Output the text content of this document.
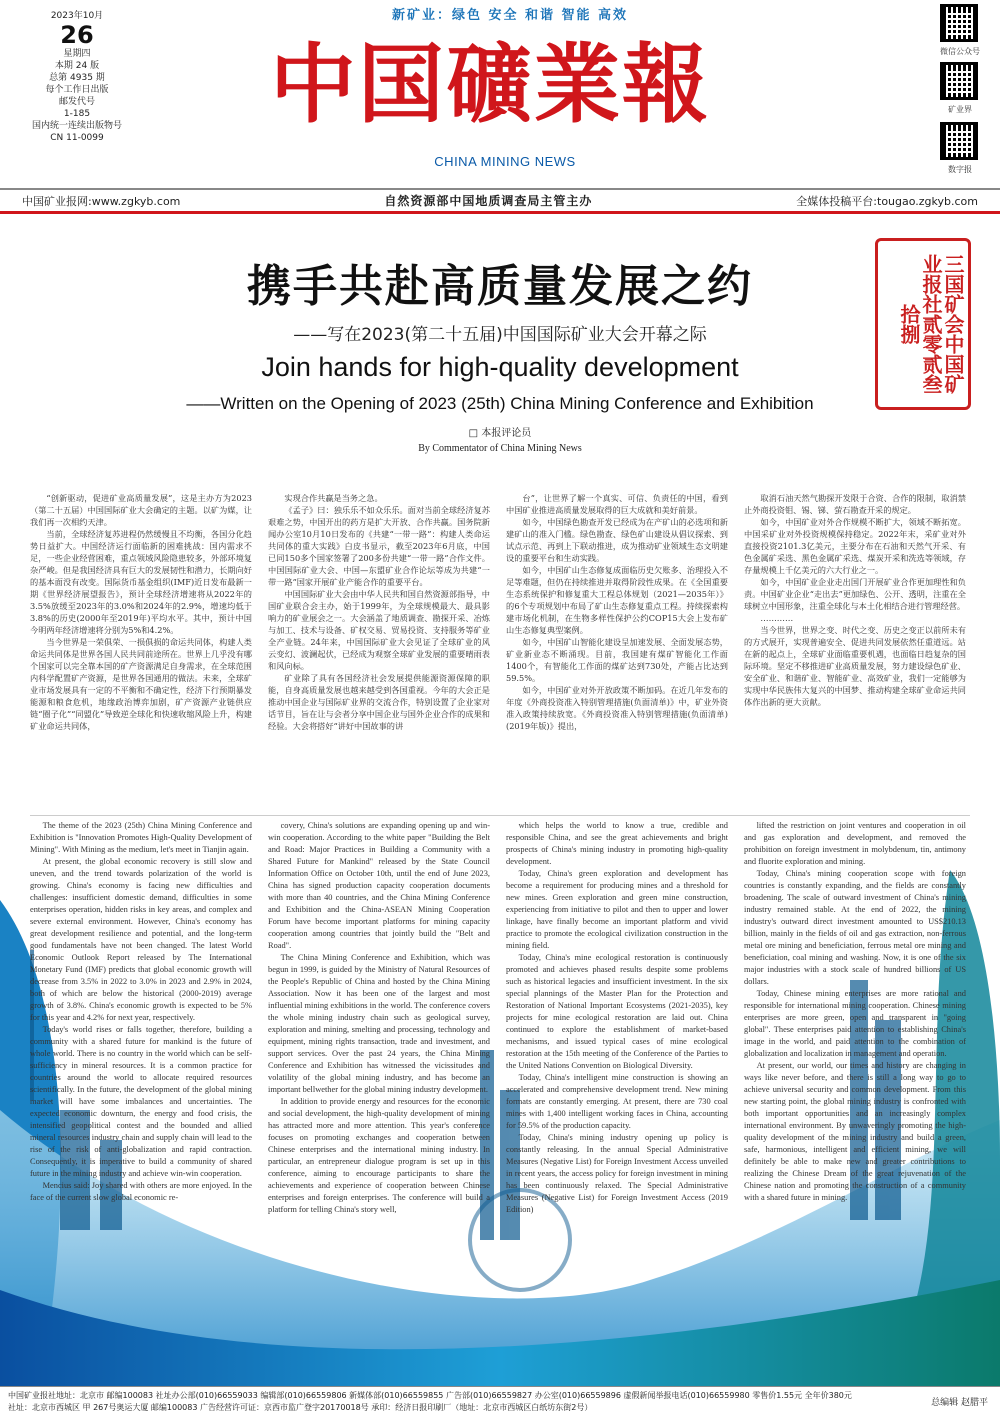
2023年10月
26
星期四
本期 24 版
总第 4935 期
每个工作日出版
邮发代号
1-185
国内统一连续出版物号
CN 11-0099
新矿业：绿色 安全 和谐 智能 高效
中国礦業報
CHINA MINING NEWS
微信公众号
矿业界
数字报
中国矿业报网:www.zgkyb.com	自然资源部中国地质调查局主管主办	全媒体投稿平台:tougao.zgkyb.com
携手共赴高质量发展之约
——写在2023(第二十五届)中国国际矿业大会开幕之际
Join hands for high-quality development
——Written on the Opening of 2023 (25th) China Mining Conference and Exhibition
□ 本报评论员
By Commentator of China Mining News
三国矿会中国矿业报社贰零贰叁拾捌

“创新驱动，促进矿业高质量发展”，这是主办方为2023（第二十五届）中国国际矿业大会确定的主题。以矿为媒，让我们再一次相约天津。

当前，全球经济复苏进程仍然缓慢且不均衡，各国分化趋势日益扩大。中国经济运行面临新的困难挑战：国内需求不足，一些企业经营困难，重点领域风险隐患较多，外部环境复杂严峻。但是我国经济具有巨大的发展韧性和潜力，长期向好的基本面没有改变。国际货币基金组织(IMF)近日发布最新一期《世界经济展望报告》，预计全球经济增速将从2022年的3.5%放缓至2023年的3.0%和2024年的2.9%，增速均低于3.8%的历史(2000年至2019年)平均水平。其中，预计中国今明两年经济增速将分别为5%和4.2%。

当今世界是一荣俱荣、一损俱损的命运共同体，构建人类命运共同体是世界各国人民共同前途所在。世界上几乎没有哪个国家可以完全靠本国的矿产资源满足自身需求，在全球范围内科学配置矿产资源，是世界各国通用的做法。未来，全球矿业市场发展具有一定的不平衡和不确定性，经济下行预期暴发能源和粮食危机，地缘政治博弈加剧，矿产资源产业链供应链“圈子化”“同盟化”导致逆全球化和快速收缩风险上升，构建矿业命运共同体，

实现合作共赢是当务之急。

《孟子》曰：独乐乐不如众乐乐。面对当前全球经济复苏艰难之势，中国开出的药方是扩大开放、合作共赢。国务院新闻办公室10月10日发布的《共建“一带一路”：构建人类命运共同体的重大实践》白皮书显示，截至2023年6月底，中国已同150多个国家签署了200多份共建“一带一路”合作文件。中国国际矿业大会、中国—东盟矿业合作论坛等成为共建“一带一路”国家开展矿业产能合作的重要平台。

中国国际矿业大会由中华人民共和国自然资源部指导，中国矿业联合会主办，始于1999年，为全球规模最大、最具影响力的矿业展会之一。大会涵盖了地质调查、勘探开采、冶炼与加工、技术与设备、矿权交易、贸易投资、支持服务等矿业全产业链。24年来，中国国际矿业大会见证了全球矿业的风云变幻、波澜起伏，已经成为观察全球矿业发展的重要晴雨表和风向标。

矿业除了具有各国经济社会发展提供能源资源保障的职能，自身高质量发展也越来越受到各国重视。今年的大会正是推动中国企业与国际矿业界的交流合作，特别设置了企业家对话节目，旨在让与会者分享中国企业与国外企业合作的成果和经验。大会将搭好“讲好中国故事的讲

台”，让世界了解一个真实、可信、负责任的中国，看到中国矿业推进高质量发展取得的巨大成就和美好前景。

如今，中国绿色勘查开发已经成为在产矿山的必选项和新建矿山的准入门槛。绿色勘查、绿色矿山建设从倡议探索、到试点示范、再到上下联动推进，成为推动矿业领域生态文明建设的重要平台和生动实践。

如今，中国矿山生态修复成面临历史欠账多、治理投入不足等难题，但仍在持续推进并取得阶段性成果。在《全国重要生态系统保护和修复重大工程总体规划（2021—2035年）》的6个专项规划中布局了矿山生态修复重点工程。持续探索构建市场化机制，在生物多样性保护公约COP15大会上发布矿山生态修复典型案例。

如今，中国矿山智能化建设呈加速发展、全面发展态势，矿业新业态不断涌现。目前，我国建有煤矿智能化工作面1400个，有智能化工作面的煤矿达到730处，产能占比达到59.5%。

如今，中国矿业对外开放政策不断加码。在近几年发布的年度《外商投资准入特别管理措施(负面清单)》中，矿业外资准入政策持续放宽。《外商投资准入特别管理措施(负面清单)(2019年版)》提出，

取消石油天然气勘探开发限于合资、合作的限制，取消禁止外商投资钼、锡、锑、萤石勘查开采的规定。

如今，中国矿业对外合作规模不断扩大，领域不断拓宽。中国采矿业对外投资规模保持稳定。2022年末，采矿业对外直接投资2101.3亿美元，主要分布在石油和天然气开采、有色金属矿采选、黑色金属矿采选、煤炭开采和洗选等领域，存存量规模上千亿美元的六大行业之一。

如今，中国矿业企业走出国门开展矿业合作更加理性和负责。中国矿业企业“走出去”更加绿色、公开、透明，注重在全球树立中国形象，注重全球化与本土化相结合进行管理经营。

…………

当今世界，世界之变、时代之变、历史之变正以前所未有的方式展开，实现普遍安全、促进共同发展依然任重道远。站在新的起点上，全球矿业面临重要机遇，也面临日趋复杂的国际环境。坚定不移推进矿业高质量发展，努力建设绿色矿业、安全矿业、和谐矿业、智能矿业、高效矿业，我们一定能够为实现中华民族伟大复兴的中国梦、推动构建全球矿业命运共同体作出新的更大贡献。

The theme of the 2023 (25th) China Mining Conference and Exhibition is "Innovation Promotes High-Quality Development of Mining". With Mining as the medium, let's meet in Tianjin again.

At present, the global economic recovery is still slow and uneven, and the trend towards polarization of the world is growing. China's economy is facing new difficulties and challenges: insufficient domestic demand, difficulties in some enterprises operation, hidden risks in key areas, and complex and severe external environment. However, China's economy has great development resilience and potential, and the long-term good fundamentals have not been changed. The latest World Economic Outlook Report released by The International Monetary Fund (IMF) predicts that global economic growth will decrease from 3.5% in 2022 to 3.0% in 2023 and 2.9% in 2024, both of which are below the historical (2000-2019) average growth of 3.8%. China's economic growth is expected to be 5% for this year and 4.2% for next year, respectively.

Today's world rises or falls together, therefore, building a community with a shared future for mankind is the future of whole world. There is no country in the world which can be self-sufficiency in mineral resources. It is a common practice for countries around the world to allocate required resources scientifically. In the future, the development of the global mining market will have some imbalances and uncertainties. The expected economic downturn, the energy and food crisis, the intensified geopolitical contest and the bounded and allied mineral resources industry chain and supply chain will lead to the rise of the risk of anti-globalization and rapid contraction. Consequently, it is imperative to build a community of shared future in the mining industry and achieve win-win cooperation.

Mencius said: Joy shared with others are more enjoyed. In the face of the current slow global economic re-

covery, China's solutions are expanding opening up and win-win cooperation. According to the white paper "Building the Belt and Road: Major Practices in Building a Community with a Shared Future for Mankind" released by the State Council Information Office on October 10th, until the end of June 2023, China has signed production capacity cooperation documents with more than 40 countries, and the China Mining Conference and Exhibition and the China-ASEAN Mining Cooperation Forum have become important platforms for mining capacity cooperation among countries that jointly build the "Belt and Road".

The China Mining Conference and Exhibition, which was begun in 1999, is guided by the Ministry of Natural Resources of the People's Republic of China and hosted by the China Mining Association. Now it has been one of the largest and most influential mining exhibitions in the world. The conference covers the whole mining industry chain such as geological survey, exploration and mining, smelting and processing, technology and equipment, mining rights transaction, trade and investment, and support services. Over the past 24 years, the China Mining Conference and Exhibition has witnessed the vicissitudes and volatility of the global mining industry, and has become an important bellwether for the global mining industry development.

In addition to provide energy and resources for the economic and social development, the high-quality development of mining has attracted more and more attention. This year's conference focuses on promoting exchanges and cooperation between Chinese enterprises and the international mining industry. In particular, an entrepreneur dialogue program is set up in this conference, aiming to encourage participants to share the achievements and experience of cooperation between Chinese enterprises and foreign enterprises. The conference will build a platform for telling China's story well,

which helps the world to know a true, credible and responsible China, and see the great achievements and bright prospects of China's mining industry in promoting high-quality development.

Today, China's green exploration and development has become a requirement for producing mines and a threshold for new mines. Green exploration and green mine construction, experiencing from initiative to pilot and then to upper and lower linkage, have finally become an important platform and vivid practice to promote the ecological civilization construction in the mining field.

Today, China's mine ecological restoration is continuously promoted and achieves phased results despite some problems such as historical legacies and insufficient investment. In the six special plannings of the Master Plan for the Protection and Restoration of National Important Ecosystems (2021-2035), key projects for mine ecological restoration are laid out. China continued to explore the establishment of market-based mechanisms, and issued typical cases of mine ecological restoration at the 15th meeting of the Conference of the Parties to the United Nations Convention on Biological Diversity.

Today, China's intelligent mine construction is showing an accelerated and comprehensive development trend. New mining formats are constantly emerging. At present, there are 730 coal mines with 1,400 intelligent working faces in China, accounting for 59.5% of the production capacity.

Today, China's mining industry opening up policy is constantly releasing. In the annual Special Administrative Measures (Negative List) for Foreign Investment Access unveiled in recent years, the access policy for foreign investment in mining has been continuously relaxed. The Special Administrative Measures (Negative List) for Foreign Investment Access (2019 Edition)

lifted the restriction on joint ventures and cooperation in oil and gas exploration and development, and removed the prohibition on foreign investment in molybdenum, tin, antimony and fluorite exploration and mining.

Today, China's mining cooperation scope with foreign countries is constantly expanding, and the fields are constantly broadening. The scale of outward investment of China's mining industry remained stable. At the end of 2022, the mining industry's outward direct investment amounted to US$210.13 billion, mainly in the fields of oil and gas extraction, non-ferrous metal ore mining and beneficiation, ferrous metal ore mining and beneficiation, coal mining and washing. Now, it is one of the six major industries with a stock scale of hundred billions of US dollars.

Today, Chinese mining enterprises are more rational and responsible for international mining cooperation. Chinese mining enterprises are more green, open and transparent in "going global". These enterprises paid attention to establishing China's image in the world, and paid attention to the combination of globalization and localization in management and operation.

At present, our world, our times and history are changing in ways like never before, and there is still a long way to go to achieve universal security and common development. From this new starting point, the global mining industry is confronted with both important opportunities and an increasingly complex international environment. By unwaveringly promoting the high-quality development of the mining industry and build a green, safe, harmonious, intelligent and efficient mining, we will definitely be able to make new and greater contributions to realizing the Chinese Dream of the great rejuvenation of the Chinese nation and promoting the construction of a community with a shared future in mining.

中国矿业报社地址：北京市 邮编100083 社址办公部(010)66559033 编辑部(010)66559806 新媒体部(010)66559855 广告部(010)66559827 办公室(010)66559896 虚假新闻举报电话(010)66559980 零售价1.55元 全年价380元
社址：北京市西城区 甲 267号奥运大厦 邮编100083 广告经营许可证：京西市监广登字20170018号 承印：经济日报印刷厂（地址：北京市西城区白纸坊东街2号）	总编辑 赵腊平
